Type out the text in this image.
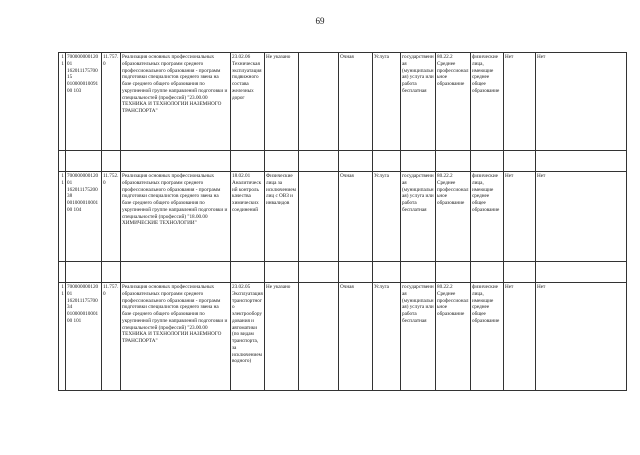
69
11	70000000012001 16201117570015 01000001009100 103	11.757.0	Реализация основных профессиональных образовательных программ среднего профессионального образования - программ подготовки специалистов среднего звена на базе среднего общего образования по укрупненной группе направлений подготовки и специальностей (профессий) "23.00.00 ТЕХНИКА И ТЕХНОЛОГИИ НАЗЕМНОГО ТРАНСПОРТА"	23.02.06 Техническая эксплуатация подвижного состава железных дорог	Не указано		Очная	Услуга	государственная (муниципальная) услуга или работа бесплатная	80.22.2 Среднее профессиональное образование	физические лица, имеющие среднее общее образование	Нет	Нет

11	70000000012001 16201117520038 00100001000100 104	11.752.0	Реализация основных профессиональных образовательных программ среднего профессионального образования - программ подготовки специалистов среднего звена на базе среднего общего образования по укрупненной группе направлений подготовки и специальностей (профессий) "18.00.00 ХИМИЧЕСКИЕ ТЕХНОЛОГИИ"	18.02.01 Аналитический контроль качества химических соединений	Физические лица за исключением лиц с ОВЗ и инвалидов		Очная	Услуга	государственная (муниципальная) услуга или работа бесплатная	80.22.2 Среднее профессиональное образование	физические лица, имеющие среднее общее образование	Нет	Нет

11	70000000012001 16201117570034 01000001000100 101	11.757.0	Реализация основных профессиональных образовательных программ среднего профессионального образования - программ подготовки специалистов среднего звена на базе среднего общего образования по укрупненной группе направлений подготовки и специальностей (профессий) "23.00.00 ТЕХНИКА И ТЕХНОЛОГИИ НАЗЕМНОГО ТРАНСПОРТА"	23.02.05 Эксплуатация транспортного электрооборудования и автоматики (по видам транспорта, за исключением водного)	Не указано		Очная	Услуга	государственная (муниципальная) услуга или работа бесплатная	80.22.2 Среднее профессиональное образование	физические лица, имеющие среднее общее образование	Нет	Нет
